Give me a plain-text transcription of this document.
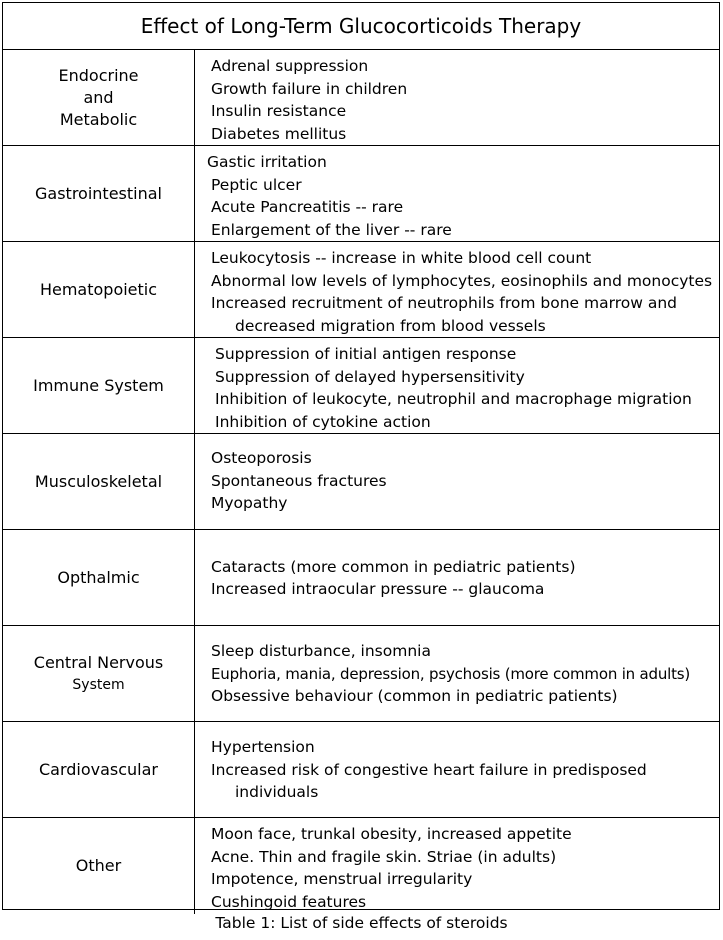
Effect of Long-Term Glucocorticoids Therapy
Endocrine
and
Metabolic
Adrenal suppression
Growth failure in children
Insulin resistance
Diabetes mellitus
Gastrointestinal
Gastic irritation
Peptic ulcer
Acute Pancreatitis -- rare
Enlargement of the liver -- rare
Hematopoietic
Leukocytosis -- increase in white blood cell count
Abnormal low levels of lymphocytes, eosinophils and monocytes
Increased recruitment of neutrophils from bone marrow and
decreased migration from blood vessels
Immune System
Suppression of initial antigen response
Suppression of delayed hypersensitivity
Inhibition of leukocyte, neutrophil and macrophage migration
Inhibition of cytokine action
Musculoskeletal
Osteoporosis
Spontaneous fractures
Myopathy
Opthalmic
Cataracts (more common in pediatric patients)
Increased intraocular pressure -- glaucoma
Central Nervous
System
Sleep disturbance, insomnia
Euphoria, mania, depression, psychosis (more common in adults)
Obsessive behaviour (common in pediatric patients)
Cardiovascular
Hypertension
Increased risk of congestive heart failure in predisposed
individuals
Other
Moon face, trunkal obesity, increased appetite
Acne. Thin and fragile skin. Striae (in adults)
Impotence, menstrual irregularity
Cushingoid features
Table 1: List of side effects of steroids
